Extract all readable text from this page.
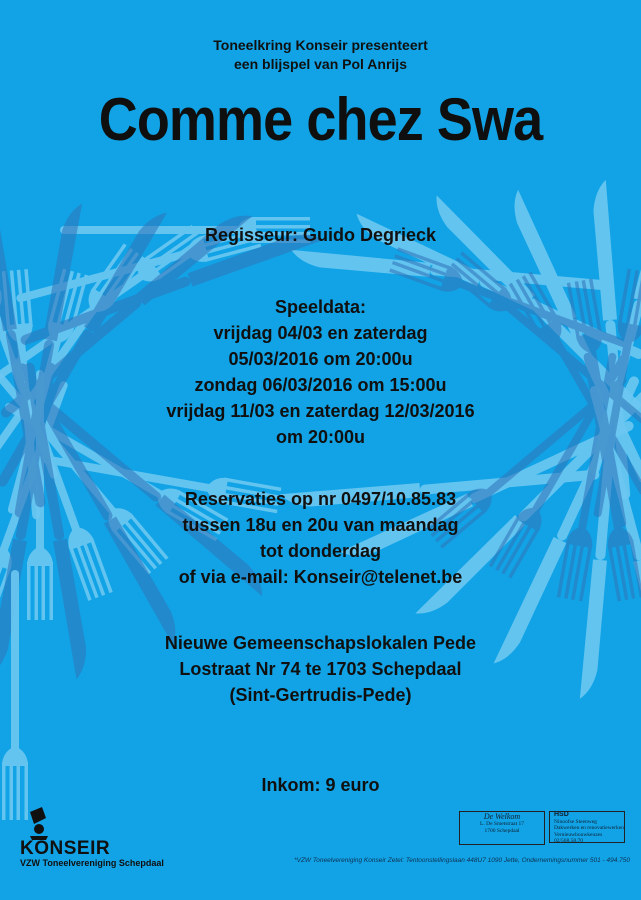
Toneelkring Konseir presenteert
een blijspel van Pol Anrijs
Comme chez Swa
Regisseur: Guido Degrieck
Speeldata:
vrijdag 04/03 en zaterdag
05/03/2016 om 20:00u
zondag 06/03/2016 om 15:00u
vrijdag 11/03 en zaterdag 12/03/2016
om 20:00u
Reservaties op nr 0497/10.85.83
tussen 18u en 20u van maandag
tot donderdag
of via e-mail: Konseir@telenet.be
Nieuwe Gemeenschapslokalen Pede
Lostraat Nr 74 te 1703 Schepdaal
(Sint-Gertrudis-Pede)
Inkom: 9 euro
KONSEIR
VZW Toneelvereniging Schepdaal
De Welkom
L. De Smetstraat 17
1700 Schepdaal
HSD
Ninoofse Steenweg
Dakwerken en renovatiewerken
Vernieuwbouwkeuzes
02/568.58.70
*VZW Toneelvereniging Konseir Zetel: Tentoonstellingslaan 448U7 1090 Jette, Ondernemingsnummer 501 - 494.750
